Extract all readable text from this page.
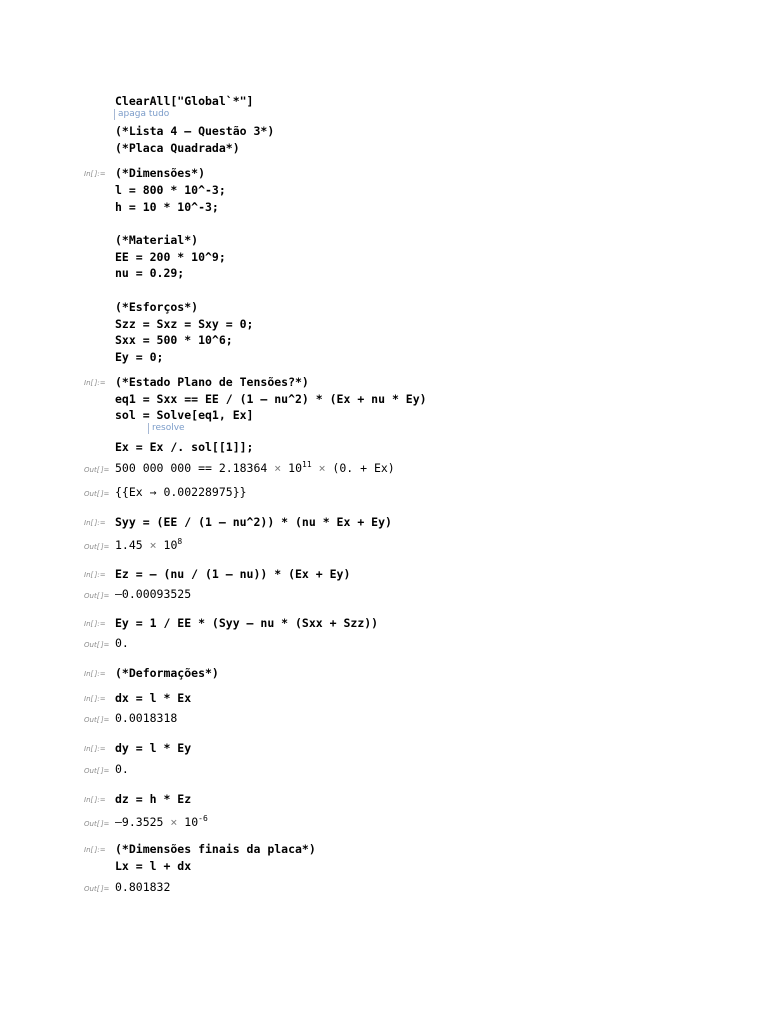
ClearAll["Global`*"]
apaga tudo
(*Lista 4 – Questão 3*)
(*Placa Quadrada*)
In[ ]:= (*Dimensões*)
l = 800 * 10^-3;
h = 10 * 10^-3;
(*Material*)
EE = 200 * 10^9;
nu = 0.29;
(*Esforços*)
Szz = Sxz = Sxy = 0;
Sxx = 500 * 10^6;
Ey = 0;
In[ ]:= (*Estado Plano de Tensões?*)
eq1 = Sxx == EE / (1 – nu^2) * (Ex + nu * Ey)
sol = Solve[eq1, Ex]
resolve
Ex = Ex /. sol[[1]];
Out[ ]= 500 000 $000 == 2.18364 \times 10^{11} \times (0$. + Ex)
Out[ ]= {{Ex → 0.00228975}}
In[ ]:= Syy = (EE / (1 – nu^2)) * (nu * Ex + Ey)
Out[ ]= $1.45 \times 10^8$
In[ ]:= Ez = – (nu / (1 – nu)) * (Ex + Ey)
Out[ ]= –0.00093525
In[ ]:= Ey = 1 / EE * (Syy – nu * (Sxx + Szz))
Out[ ]= 0.
In[ ]:= (*Deformações*)
In[ ]:= dx = l * Ex
Out[ ]= 0.0018318
In[ ]:= dy = l * Ey
Out[ ]= 0.
In[ ]:= dz = h * Ez
Out[ ]= $-9.3525 \times 10^{-6}$
In[ ]:= (*Dimensões finais da placa*)
Lx = l + dx
Out[ ]= 0.801832
